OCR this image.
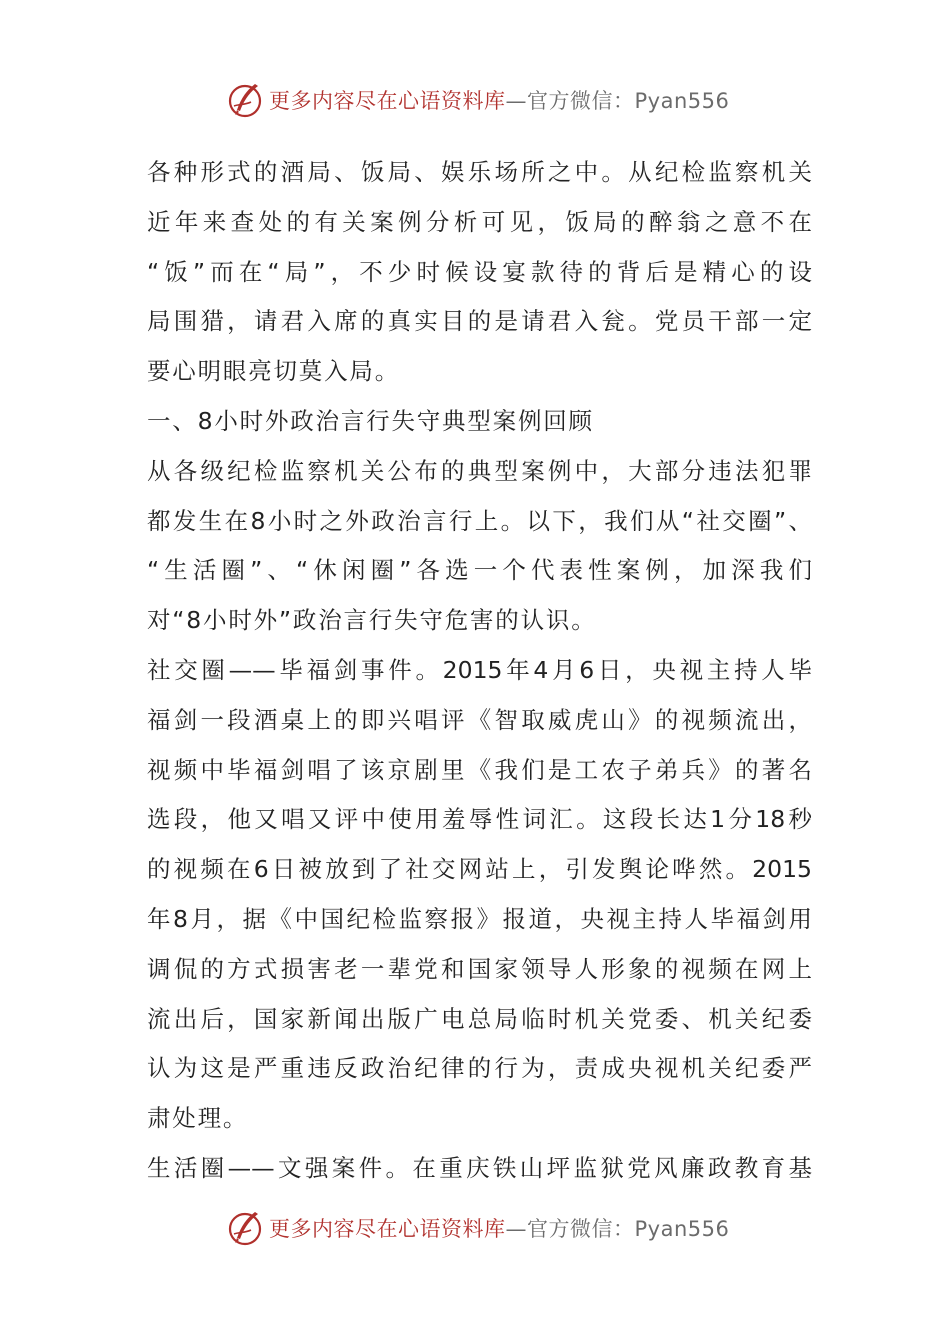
更多内容尽在心语资料库—官方微信：Pyan556
各种形式的酒局、饭局、娱乐场所之中。从纪检监察机关
近年来查处的有关案例分析可见，饭局的醉翁之意不在
“饭”而在“局”，不少时候设宴款待的背后是精心的设
局围猎，请君入席的真实目的是请君入瓮。党员干部一定
要心明眼亮切莫入局。
一、8小时外政治言行失守典型案例回顾
从各级纪检监察机关公布的典型案例中，大部分违法犯罪
都发生在8小时之外政治言行上。以下，我们从“社交圈”、
“生活圈”、“休闲圈”各选一个代表性案例，加深我们
对“8小时外”政治言行失守危害的认识。
社交圈——毕福剑事件。2015年4月6日，央视主持人毕
福剑一段酒桌上的即兴唱评《智取威虎山》的视频流出，
视频中毕福剑唱了该京剧里《我们是工农子弟兵》的著名
选段，他又唱又评中使用羞辱性词汇。这段长达1分18秒
的视频在6日被放到了社交网站上，引发舆论哗然。2015
年8月，据《中国纪检监察报》报道，央视主持人毕福剑用
调侃的方式损害老一辈党和国家领导人形象的视频在网上
流出后，国家新闻出版广电总局临时机关党委、机关纪委
认为这是严重违反政治纪律的行为，责成央视机关纪委严
肃处理。
生活圈——文强案件。在重庆铁山坪监狱党风廉政教育基
更多内容尽在心语资料库—官方微信：Pyan556
